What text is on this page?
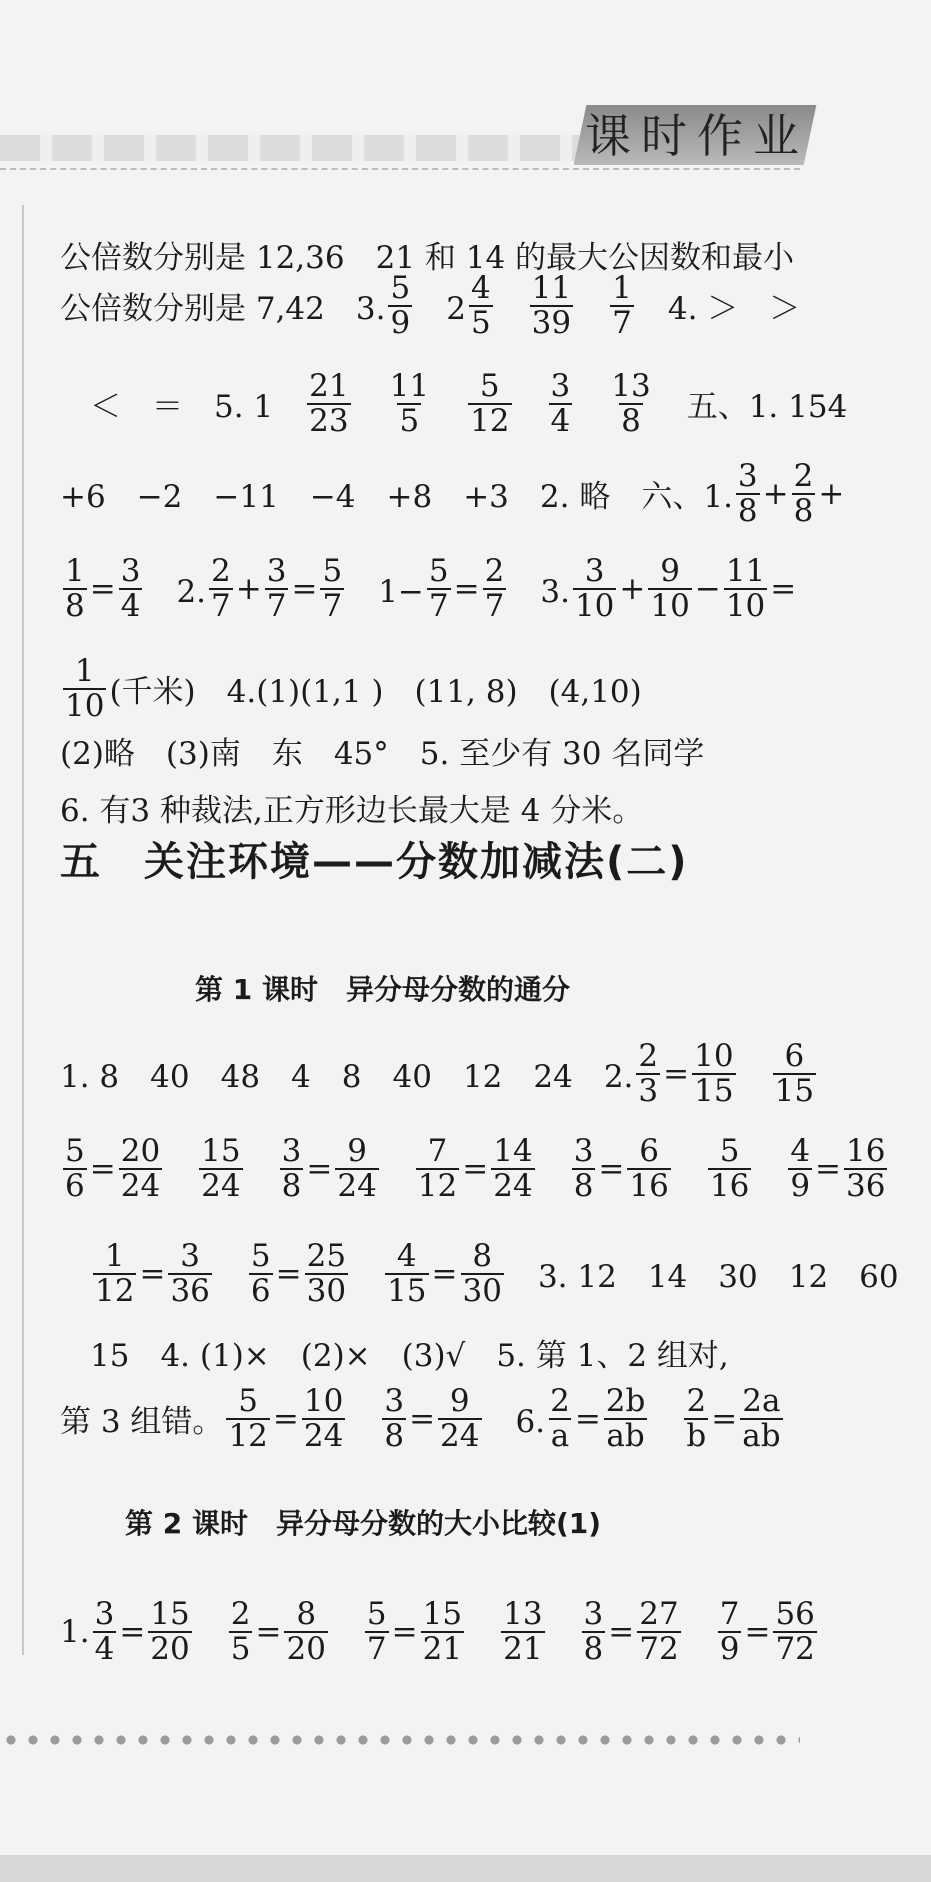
课时作业
公倍数分别是 12,36　21 和 14 的最大公因数和最小
公倍数分别是 7,42　3. $\frac{5}{9}$ 　$2 \frac{4}{5}$
　 $\frac{11}{39}$
　 $\frac{1}{7}$ 　4. ＞　＞
＜　＝　5. 1　 $\frac{21}{23}$
　 $\frac{11}{5}$
　 $\frac{5}{12}$
　 $\frac{3}{4}$
　 $\frac{13}{8}$ 　五、1. 154
+6　−2　−11　−4　+8　+3　2. 略　六、1. $\frac{3}{8} + \frac{2}{8}$ +
$\frac{1}{8} = \frac{3}{4}$ 　2. $\frac{2}{7} + \frac{3}{7} = \frac{5}{7}$ 　$1- \frac{5}{7} = \frac{2}{7}$ 　3. $\frac{3}{10} + \frac{9}{10} - \frac{11}{10}$ =
$\frac{1}{10}$ (千米)　4.(1)(1,1 )　(11, 8)　(4,10)
(2)略　(3)南　东　45°　5. 至少有 30 名同学
6. 有3 种裁法,正方形边长最大是 4 分米。
五　关注环境——分数加减法(二)
第 1 课时　异分母分数的通分
1. 8　40　48　4　8　40　12　24　2. $\frac{2}{3} = \frac{10}{15}$
　 $\frac{6}{15}$
$\frac{5}{6} = \frac{20}{24}$
　 $\frac{15}{24}$
　 $\frac{3}{8} = \frac{9}{24}$
　 $\frac{7}{12} = \frac{14}{24}$
　 $\frac{3}{8} = \frac{6}{16}$
　 $\frac{5}{16}$
　 $\frac{4}{9} = \frac{16}{36}$
$\frac{1}{12} = \frac{3}{36}$
　 $\frac{5}{6} = \frac{25}{30}$
　 $\frac{4}{15} = \frac{8}{30}$ 　3. 12　14　30　12　60
15　4. (1)×　(2)×　(3)√　5. 第 1、2 组对,
第 3 组错。 $\frac{5}{12} = \frac{10}{24}$
　 $\frac{3}{8} = \frac{9}{24}$ 　6. $\frac{2}{a} = \frac{2b}{ab}$
　 $\frac{2}{b} = \frac{2a}{ab}$
第 2 课时　异分母分数的大小比较(1)
1. $\frac{3}{4} = \frac{15}{20}$
　 $\frac{2}{5} = \frac{8}{20}$
　 $\frac{5}{7} = \frac{15}{21}$
　 $\frac{13}{21}$
　 $\frac{3}{8} = \frac{27}{72}$
　 $\frac{7}{9} = \frac{56}{72}$
